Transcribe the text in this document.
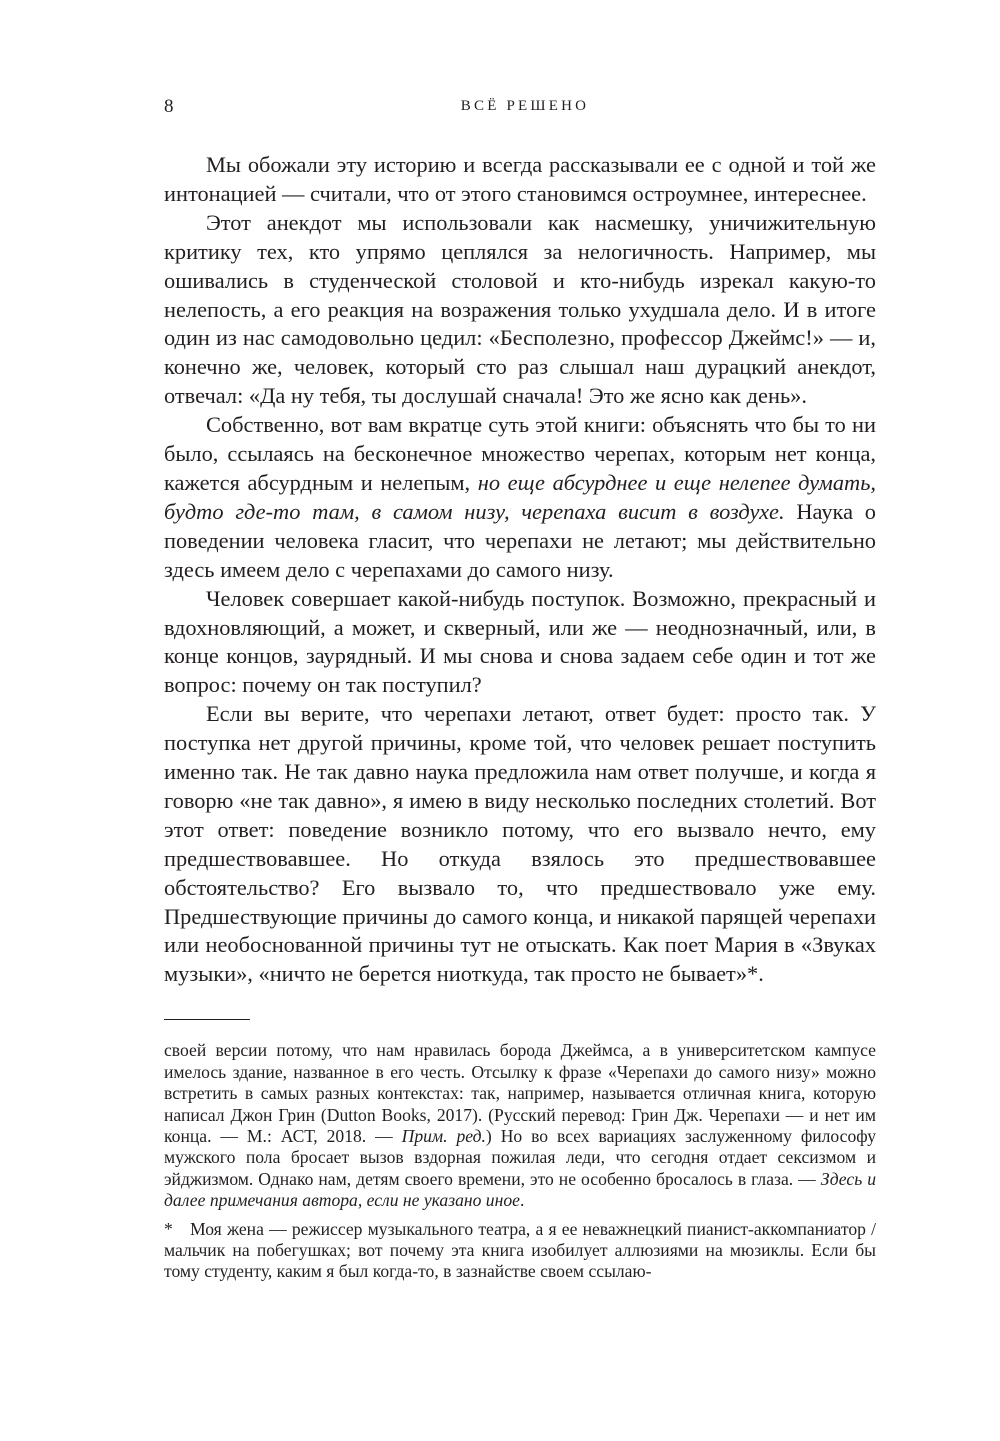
8	ВСЁ РЕШЕНО

Мы обожали эту историю и всегда рассказывали ее с одной и той же интонацией — считали, что от этого становимся остроумнее, интереснее.

Этот анекдот мы использовали как насмешку, уничижительную критику тех, кто упрямо цеплялся за нелогичность. Например, мы ошивались в студенческой столовой и кто-нибудь изрекал какую-то нелепость, а его реакция на возражения только ухудшала дело. И в итоге один из нас самодовольно цедил: «Бесполезно, профессор Джеймс!» — и, конечно же, человек, который сто раз слышал наш дурацкий анекдот, отвечал: «Да ну тебя, ты дослушай сначала! Это же ясно как день».

Собственно, вот вам вкратце суть этой книги: объяснять что бы то ни было, ссылаясь на бесконечное множество черепах, которым нет конца, кажется абсурдным и нелепым, но еще абсурднее и еще нелепее думать, будто где-то там, в самом низу, черепаха висит в воздухе. Наука о поведении человека гласит, что черепахи не летают; мы действительно здесь имеем дело с черепахами до самого низу.

Человек совершает какой-нибудь поступок. Возможно, прекрасный и вдохновляющий, а может, и скверный, или же — неоднозначный, или, в конце концов, заурядный. И мы снова и снова задаем себе один и тот же вопрос: почему он так поступил?

Если вы верите, что черепахи летают, ответ будет: просто так. У поступка нет другой причины, кроме той, что человек решает поступить именно так. Не так давно наука предложила нам ответ получше, и когда я говорю «не так давно», я имею в виду несколько последних столетий. Вот этот ответ: поведение возникло потому, что его вызвало нечто, ему предшествовавшее. Но откуда взялось это предшествовавшее обстоятельство? Его вызвало то, что предшествовало уже ему. Предшествующие причины до самого конца, и никакой парящей черепахи или необоснованной причины тут не отыскать. Как поет Мария в «Звуках музыки», «ничто не берется ниоткуда, так просто не бывает»*.

своей версии потому, что нам нравилась борода Джеймса, а в университетском кампусе имелось здание, названное в его честь. Отсылку к фразе «Черепахи до самого низу» можно встретить в самых разных контекстах: так, например, называется отличная книга, которую написал Джон Грин (Dutton Books, 2017). (Русский перевод: Грин Дж. Черепахи — и нет им конца. — М.: АСТ, 2018. — Прим. ред.) Но во всех вариациях заслуженному философу мужского пола бросает вызов вздорная пожилая леди, что сегодня отдает сексизмом и эйджизмом. Однако нам, детям своего времени, это не особенно бросалось в глаза. — Здесь и далее примечания автора, если не указано иное.

* Моя жена — режиссер музыкального театра, а я ее неважнецкий пианист-аккомпаниатор / мальчик на побегушках; вот почему эта книга изобилует аллюзиями на мюзиклы. Если бы тому студенту, каким я был когда-то, в зазнайстве своем ссылаю-
